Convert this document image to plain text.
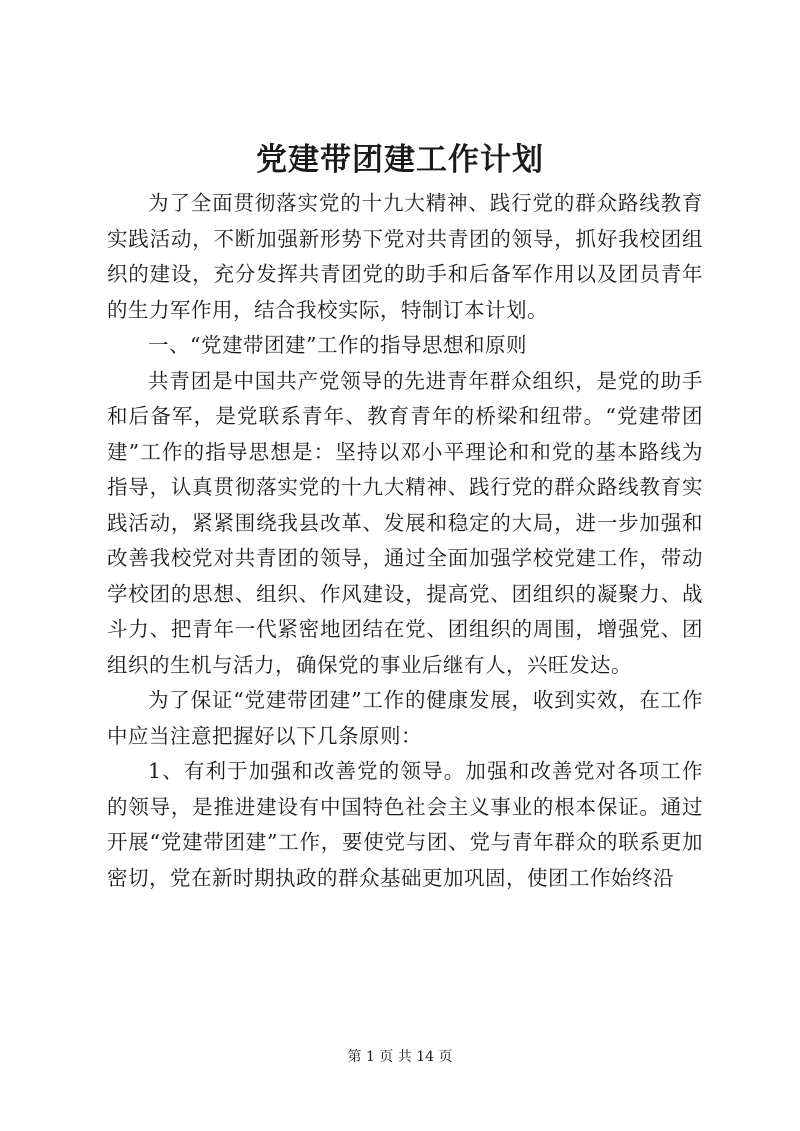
党建带团建工作计划

为了全面贯彻落实党的十九大精神、践行党的群众路线教育实践活动，不断加强新形势下党对共青团的领导，抓好我校团组织的建设，充分发挥共青团党的助手和后备军作用以及团员青年的生力军作用，结合我校实际，特制订本计划。

一、“党建带团建”工作的指导思想和原则

共青团是中国共产党领导的先进青年群众组织，是党的助手和后备军，是党联系青年、教育青年的桥梁和纽带。“党建带团建”工作的指导思想是：坚持以邓小平理论和和党的基本路线为指导，认真贯彻落实党的十九大精神、践行党的群众路线教育实践活动，紧紧围绕我县改革、发展和稳定的大局，进一步加强和改善我校党对共青团的领导，通过全面加强学校党建工作，带动学校团的思想、组织、作风建设，提高党、团组织的凝聚力、战斗力、把青年一代紧密地团结在党、团组织的周围，增强党、团组织的生机与活力，确保党的事业后继有人，兴旺发达。

为了保证“党建带团建”工作的健康发展，收到实效，在工作中应当注意把握好以下几条原则：

1、有利于加强和改善党的领导。加强和改善党对各项工作的领导，是推进建设有中国特色社会主义事业的根本保证。通过开展“党建带团建”工作，要使党与团、党与青年群众的联系更加密切，党在新时期执政的群众基础更加巩固，使团工作始终沿

第 1 页 共 14 页
